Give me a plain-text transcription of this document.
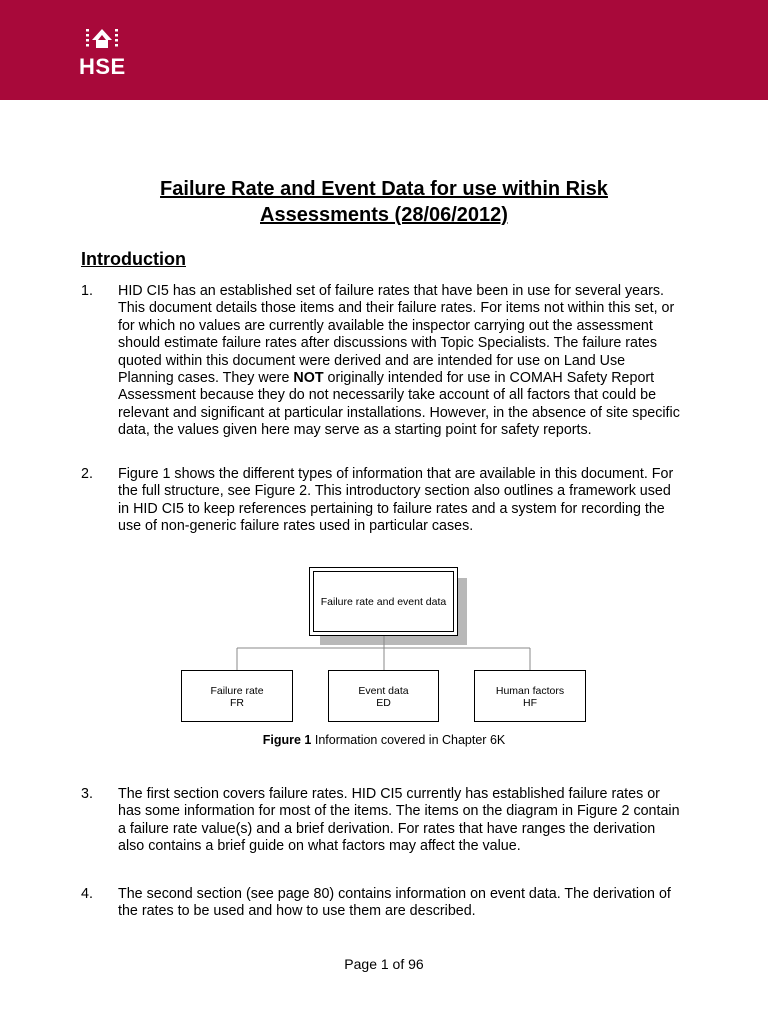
HSE
Failure Rate and Event Data for use within Risk
Assessments (28/06/2012)
Introduction
1. HID CI5 has an established set of failure rates that have been in use for several years. This document details those items and their failure rates. For items not within this set, or for which no values are currently available the inspector carrying out the assessment should estimate failure rates after discussions with Topic Specialists. The failure rates quoted within this document were derived and are intended for use on Land Use Planning cases. They were NOT originally intended for use in COMAH Safety Report Assessment because they do not necessarily take account of all factors that could be relevant and significant at particular installations. However, in the absence of site specific data, the values given here may serve as a starting point for safety reports.
2. Figure 1 shows the different types of information that are available in this document. For the full structure, see Figure 2. This introductory section also outlines a framework used in HID CI5 to keep references pertaining to failure rates and a system for recording the use of non-generic failure rates used in particular cases.
Failure rate and event data
Failure rate
FR
Event data
ED
Human factors
HF
Figure 1 Information covered in Chapter 6K
3. The first section covers failure rates. HID CI5 currently has established failure rates or has some information for most of the items. The items on the diagram in Figure 2 contain a failure rate value(s) and a brief derivation. For rates that have ranges the derivation also contains a brief guide on what factors may affect the value.
4. The second section (see page 80) contains information on event data. The derivation of the rates to be used and how to use them are described.
Page 1 of 96
